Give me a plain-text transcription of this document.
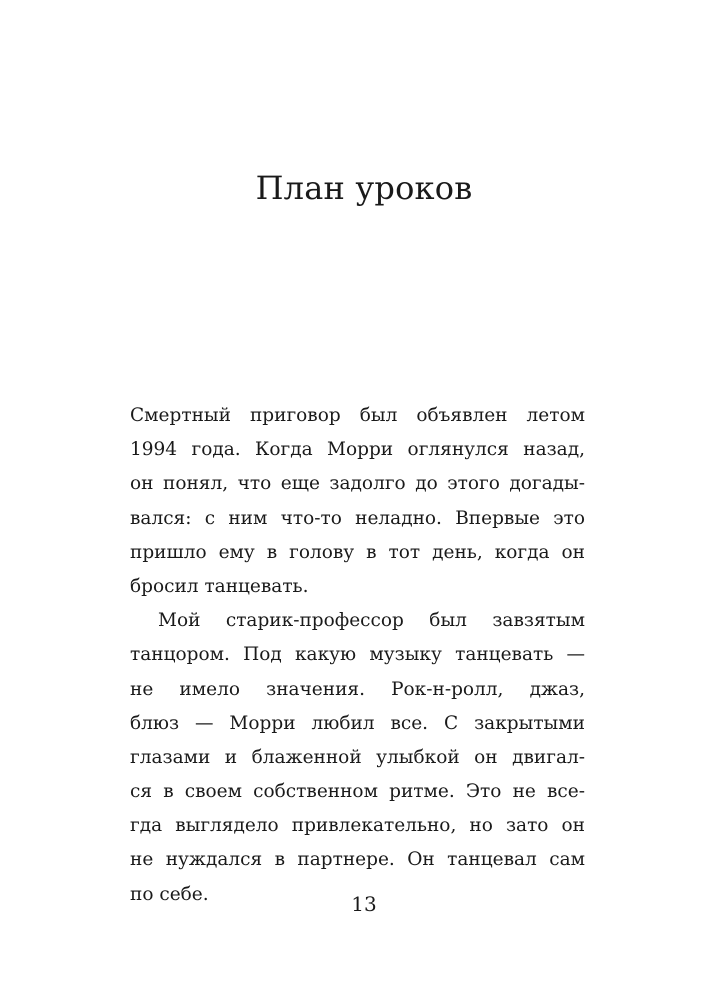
План уроков
Смертный приговор был объявлен летом
1994 года. Когда Морри оглянулся назад,
он понял, что еще задолго до этого догады-
вался: с ним что-то неладно. Впервые это
пришло ему в голову в тот день, когда он
бросил танцевать.
Мой старик-профессор был завзятым
танцором. Под какую музыку танцевать —
не имело значения. Рок-н-ролл, джаз,
блюз — Морри любил все. С закрытыми
глазами и блаженной улыбкой он двигал-
ся в своем собственном ритме. Это не все-
гда выглядело привлекательно, но зато он
не нуждался в партнере. Он танцевал сам
по себе.	13
